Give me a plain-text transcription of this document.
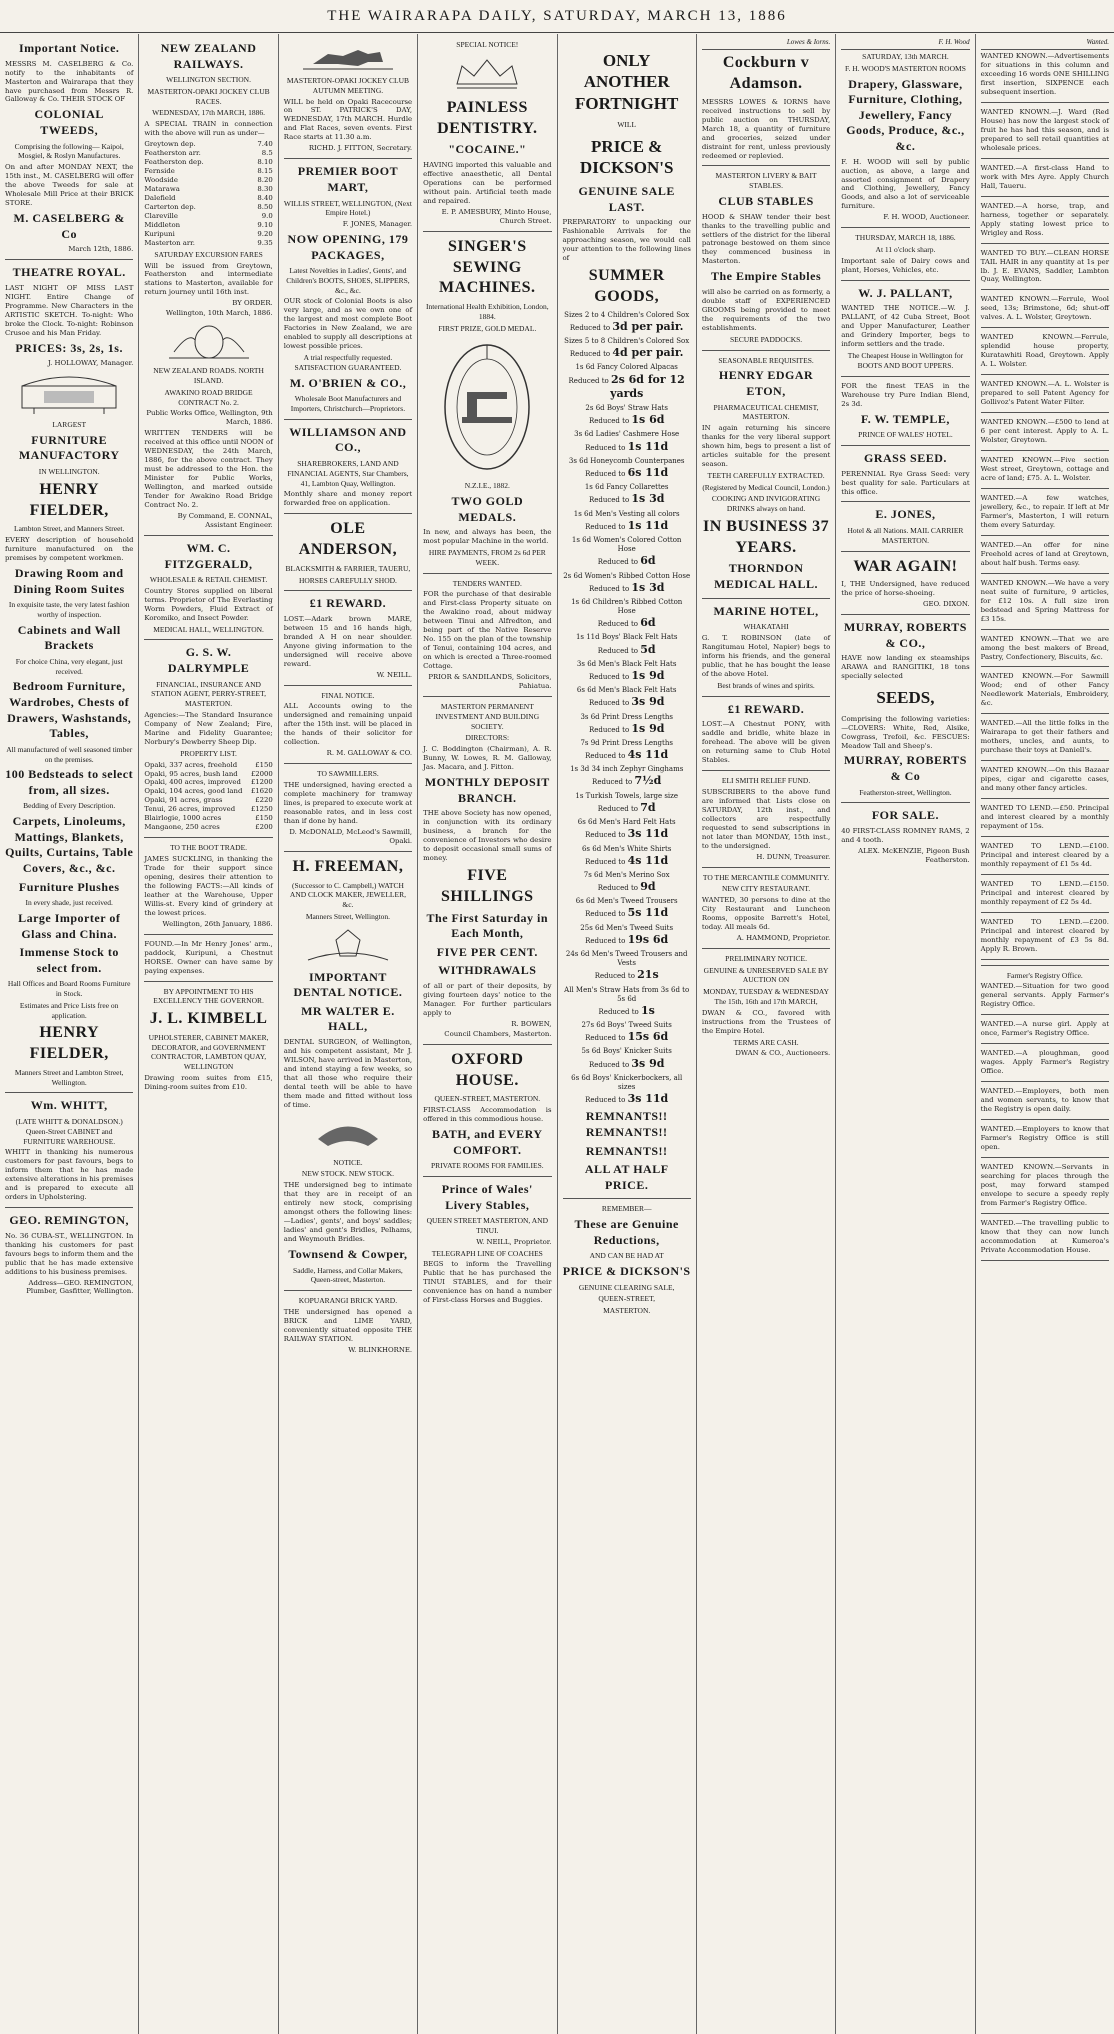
THE WAIRARAPA DAILY, SATURDAY, MARCH 13, 1886
Important Notice.
MESSRS M. CASELBERG & Co. notify to the inhabitants of Masterton and Wairarapa that they have purchased from Messrs R. Galloway & Co. THEIR STOCK OF
COLONIAL TWEEDS,
Comprising the following— Kaipoi, Mosgiel, & Roslyn Manufactures.
On and after MONDAY NEXT, the 15th inst., M. CASELBERG will offer the above Tweeds for sale at Wholesale Mill Price at their BRICK STORE.
M. CASELBERG & Co
March 12th, 1886.
THEATRE ROYAL.
LAST NIGHT OF MISS LAST NIGHT. Entire Change of Programme. New Characters in the ARTISTIC SKETCH. To-night: Who broke the Clock. To-night: Robinson Crusoe and his Man Friday.
PRICES: 3s, 2s, 1s.
J. HOLLOWAY, Manager.
LARGEST
FURNITURE MANUFACTORY
IN WELLINGTON.
HENRY FIELDER,
Lambton Street, and Manners Street.
EVERY description of household furniture manufactured on the premises by competent workmen.
Drawing Room and Dining Room Suites
In exquisite taste, the very latest fashion worthy of inspection.
Cabinets and Wall Brackets
For choice China, very elegant, just received.
Bedroom Furniture, Wardrobes, Chests of Drawers, Washstands, Tables,
All manufactured of well seasoned timber on the premises.
100 Bedsteads to select from, all sizes.
Bedding of Every Description.
Carpets, Linoleums, Mattings, Blankets, Quilts, Curtains, Table Covers, &c., &c.
Furniture Plushes
In every shade, just received.
Large Importer of Glass and China.
Immense Stock to select from.
Hall Offices and Board Rooms Furniture in Stock.
Estimates and Price Lists free on application.
HENRY FIELDER,
Manners Street and Lambton Street, Wellington.
Wm. WHITT,
(LATE WHITT & DONALDSON.) Queen-Street CABINET and FURNITURE WAREHOUSE.
WHITT in thanking his numerous customers for past favours, begs to inform them that he has made extensive alterations in his premises and is prepared to execute all orders in Upholstering.
GEO. REMINGTON,
No. 36 CUBA-ST., WELLINGTON. In thanking his customers for past favours begs to inform them and the public that he has made extensive additions to his business premises.
Address—GEO. REMINGTON, Plumber, Gasfitter, Wellington.
NEW ZEALAND RAILWAYS.
WELLINGTON SECTION.
MASTERTON-OPAKI JOCKEY CLUB RACES.
WEDNESDAY, 17th MARCH, 1886.
A SPECIAL TRAIN in connection with the above will run as under—
Greytown dep.	7.40
Featherston arr.	8.5
Featherston dep.	8.10
Fernside	8.15
Woodside	8.20
Matarawa	8.30
Dalefield	8.40
Carterton dep.	8.50
Clareville	9.0
Middleton	9.10
Kuripuni	9.20
Masterton arr.	9.35
SATURDAY EXCURSION FARES
Will be issued from Greytown, Featherston and intermediate stations to Masterton, available for return journey until 16th inst.
BY ORDER.
Wellington, 10th March, 1886.
NEW ZEALAND ROADS. NORTH ISLAND.
AWAKINO ROAD BRIDGE CONTRACT No. 2.
Public Works Office, Wellington, 9th March, 1886.
WRITTEN TENDERS will be received at this office until NOON of WEDNESDAY, the 24th March, 1886, for the above contract. They must be addressed to the Hon. the Minister for Public Works, Wellington, and marked outside Tender for Awakino Road Bridge Contract No. 2.
By Command, E. CONNAL, Assistant Engineer.
WM. C. FITZGERALD,
WHOLESALE & RETAIL CHEMIST.
Country Stores supplied on liberal terms. Proprietor of The Everlasting Worm Powders, Fluid Extract of Koromiko, and Insect Powder.
MEDICAL HALL, WELLINGTON.
G. S. W. DALRYMPLE
FINANCIAL, INSURANCE AND STATION AGENT, PERRY-STREET, MASTERTON.
Agencies:—The Standard Insurance Company of New Zealand; Fire, Marine and Fidelity Guarantee; Norbury's Dewberry Sheep Dip.
PROPERTY LIST.
Opaki, 337 acres, freehold	£150
Opaki, 95 acres, bush land £2000
Opaki, 400 acres, improved £1200
Opaki, 104 acres, good land £1620
Opaki, 91 acres, grass	£220
Tenui, 26 acres, improved £1250
Blairlogie, 1000 acres	£150
Mangaone, 250 acres	£200
TO THE BOOT TRADE.
JAMES SUCKLING, in thanking the Trade for their support since opening, desires their attention to the following FACTS:—All kinds of leather at the Warehouse, Upper Willis-st. Every kind of grindery at the lowest prices.
Wellington, 26th January, 1886.
FOUND.—In Mr Henry Jones' arm., paddock, Kuripuni, a Chestnut HORSE. Owner can have same by paying expenses.
BY APPOINTMENT TO HIS EXCELLENCY THE GOVERNOR.
J. L. KIMBELL
UPHOLSTERER, CABINET MAKER, DECORATOR, and GOVERNMENT CONTRACTOR, LAMBTON QUAY, WELLINGTON
Drawing room suites from £15, Dining-room suites from £10.
MASTERTON-OPAKI JOCKEY CLUB AUTUMN MEETING.
WILL be held on Opaki Racecourse on ST. PATRICK'S DAY, WEDNESDAY, 17th MARCH. Hurdle and Flat Races, seven events. First Race starts at 11.30 a.m.
RICHD. J. FITTON, Secretary.
PREMIER BOOT MART,
WILLIS STREET, WELLINGTON, (Next Empire Hotel.)
F. JONES, Manager.
NOW OPENING, 179 PACKAGES,
Latest Novelties in Ladies', Gents', and Children's BOOTS, SHOES, SLIPPERS, &c., &c.
OUR stock of Colonial Boots is also very large, and as we own one of the largest and most complete Boot Factories in New Zealand, we are enabled to supply all descriptions at lowest possible prices.
A trial respectfully requested. SATISFACTION GUARANTEED.
M. O'BRIEN & CO.,
Wholesale Boot Manufacturers and Importers, Christchurch—Proprietors.
WILLIAMSON AND CO.,
SHAREBROKERS, LAND AND FINANCIAL AGENTS, Star Chambers, 41, Lambton Quay, Wellington.
Monthly share and money report forwarded free on application.
OLE ANDERSON,
BLACKSMITH & FARRIER, TAUERU,
HORSES CAREFULLY SHOD.
£1 REWARD.
LOST.—Adark brown MARE, between 15 and 16 hands high, branded A H on near shoulder. Anyone giving information to the undersigned will receive above reward.
W. NEILL.
FINAL NOTICE.
ALL Accounts owing to the undersigned and remaining unpaid after the 15th inst. will be placed in the hands of their solicitor for collection.
R. M. GALLOWAY & CO.
TO SAWMILLERS.
THE undersigned, having erected a complete machinery for tramway lines, is prepared to execute work at reasonable rates, and in less cost than if done by hand.
D. McDONALD, McLeod's Sawmill, Opaki.
H. FREEMAN,
(Successor to C. Campbell,) WATCH AND CLOCK MAKER, JEWELLER, &c.
Manners Street, Wellington.
IMPORTANT DENTAL NOTICE.
MR WALTER E. HALL,
DENTAL SURGEON, of Wellington, and his competent assistant, Mr J. WILSON, have arrived in Masterton, and intend staying a few weeks, so that all those who require their dental teeth will be able to have them made and fitted without loss of time.
NOTICE.
NEW STOCK. NEW STOCK.
THE undersigned beg to intimate that they are in receipt of an entirely new stock, comprising amongst others the following lines:—Ladies', gents', and boys' saddles; ladies' and gent's Bridles, Pelhams, and Weymouth Bridles.
Townsend & Cowper,
Saddle, Harness, and Collar Makers, Queen-street, Masterton.
KOPUARANGI BRICK YARD.
THE undersigned has opened a BRICK and LIME YARD, conveniently situated opposite THE RAILWAY STATION.
W. BLINKHORNE.
SPECIAL NOTICE!
PAINLESS DENTISTRY.
"COCAINE."
HAVING imported this valuable and effective anaesthetic, all Dental Operations can be performed without pain. Artificial teeth made and repaired.
E. P. AMESBURY, Minto House, Church Street.
SINGER'S SEWING MACHINES.
International Health Exhibition, London, 1884.
FIRST PRIZE, GOLD MEDAL.
N.Z.I.E., 1882.
TWO GOLD MEDALS.
In new, and always has been, the most popular Machine in the world.
HIRE PAYMENTS, FROM 2s 6d PER WEEK.
TENDERS WANTED.
FOR the purchase of that desirable and First-class Property situate on the Awakino road, about midway between Tinui and Alfredton, and being part of the Native Reserve No. 155 on the plan of the township of Tenui, containing 104 acres, and on which is erected a Three-roomed Cottage.
PRIOR & SANDILANDS, Solicitors, Pahiatua.
MASTERTON PERMANENT INVESTMENT AND BUILDING SOCIETY.
DIRECTORS:
J. C. Boddington (Chairman), A. R. Bunny, W. Lowes, R. M. Galloway, Jas. Macara, and J. Fitton.
MONTHLY DEPOSIT BRANCH.
THE above Society has now opened, in conjunction with its ordinary business, a branch for the convenience of Investors who desire to deposit occasional small sums of money.
FIVE SHILLINGS
The First Saturday in Each Month,
FIVE PER CENT.
WITHDRAWALS
of all or part of their deposits, by giving fourteen days' notice to the Manager. For further particulars apply to
R. BOWEN,
Council Chambers, Masterton.
OXFORD HOUSE.
QUEEN-STREET, MASTERTON.
FIRST-CLASS Accommodation is offered in this commodious house.
BATH, and EVERY COMFORT.
PRIVATE ROOMS FOR FAMILIES.
Prince of Wales' Livery Stables,
QUEEN STREET MASTERTON, AND TINUI.
W. NEILL, Proprietor.
TELEGRAPH LINE OF COACHES
BEGS to inform the Travelling Public that he has purchased the TINUI STABLES, and for their convenience has on hand a number of First-class Horses and Buggies.
ONLY ANOTHER FORTNIGHT
WILL
PRICE & DICKSON'S
GENUINE SALE LAST.
PREPARATORY to unpacking our Fashionable Arrivals for the approaching season, we would call your attention to the following lines of
SUMMER GOODS,
Sizes 2 to 4 Children's Colored Sox
Reduced to 3d per pair.
Sizes 5 to 8 Children's Colored Sox
Reduced to 4d per pair.
1s 6d Fancy Colored Alpacas
Reduced to 2s 6d for 12 yards
2s 6d Boys' Straw Hats
Reduced to 1s 6d
3s 6d Ladies' Cashmere Hose
Reduced to 1s 11d
3s 6d Honeycomb Counterpanes
Reduced to 6s 11d
1s 6d Fancy Collarettes
Reduced to 1s 3d
1s 6d Men's Vesting all colors
Reduced to 1s 11d
1s 6d Women's Colored Cotton Hose
Reduced to 6d
2s 6d Women's Ribbed Cotton Hose
Reduced to 1s 3d
1s 6d Children's Ribbed Cotton Hose
Reduced to 6d
1s 11d Boys' Black Felt Hats
Reduced to 5d
3s 6d Men's Black Felt Hats
Reduced to 1s 9d
6s 6d Men's Black Felt Hats
Reduced to 3s 9d
3s 6d Print Dress Lengths
Reduced to 1s 9d
7s 9d Print Dress Lengths
Reduced to 4s 11d
1s 3d 34 inch Zephyr Ginghams
Reduced to 7½d
1s Turkish Towels, large size
Reduced to 7d
6s 6d Men's Hard Felt Hats
Reduced to 3s 11d
6s 6d Men's White Shirts
Reduced to 4s 11d
7s 6d Men's Merino Sox
Reduced to 9d
6s 6d Men's Tweed Trousers
Reduced to 5s 11d
25s 6d Men's Tweed Suits
Reduced to 19s 6d
24s 6d Men's Tweed Trousers and Vests
Reduced to 21s
All Men's Straw Hats from 3s 6d to 5s 6d
Reduced to 1s
27s 6d Boys' Tweed Suits
Reduced to 15s 6d
5s 6d Boys' Knicker Suits
Reduced to 3s 9d
6s 6d Boys' Knickerbockers, all sizes
Reduced to 3s 11d
REMNANTS!! REMNANTS!!
REMNANTS!!
ALL AT HALF PRICE.
REMEMBER—
These are Genuine Reductions,
AND CAN BE HAD AT
PRICE & DICKSON'S
GENUINE CLEARING SALE,
QUEEN-STREET,
MASTERTON.
Lowes & Iorns.
Cockburn v Adamson.
MESSRS LOWES & IORNS have received instructions to sell by public auction on THURSDAY, March 18, a quantity of furniture and groceries, seized under distraint for rent, unless previously redeemed or replevied.
MASTERTON LIVERY & BAIT STABLES.
CLUB STABLES
HOOD & SHAW tender their best thanks to the travelling public and settlers of the district for the liberal patronage bestowed on them since they commenced business in Masterton.
The Empire Stables
will also be carried on as formerly, a double staff of EXPERIENCED GROOMS being provided to meet the requirements of the two establishments.
SECURE PADDOCKS.
SEASONABLE REQUISITES.
HENRY EDGAR ETON,
PHARMACEUTICAL CHEMIST, MASTERTON.
IN again returning his sincere thanks for the very liberal support shown him, begs to present a list of articles suitable for the present season.
TEETH CAREFULLY EXTRACTED.
(Registered by Medical Council, London.)
COOKING AND INVIGORATING DRINKS always on hand.
IN BUSINESS 37 YEARS.
THORNDON MEDICAL HALL.
MARINE HOTEL,
WHAKATAHI
G. T. ROBINSON (late of Rangitumau Hotel, Napier) begs to inform his friends, and the general public, that he has bought the lease of the above Hotel.
Best brands of wines and spirits.
£1 REWARD.
LOST.—A Chestnut PONY, with saddle and bridle, white blaze in forehead. The above will be given on returning same to Club Hotel Stables.
ELI SMITH RELIEF FUND.
SUBSCRIBERS to the above fund are informed that Lists close on SATURDAY, 12th inst., and collectors are respectfully requested to send subscriptions in not later than MONDAY, 15th inst., to the undersigned.
H. DUNN, Treasurer.
TO THE MERCANTILE COMMUNITY.
NEW CITY RESTAURANT.
WANTED, 30 persons to dine at the City Restaurant and Luncheon Rooms, opposite Barrett's Hotel, today. All meals 6d.
A. HAMMOND, Proprietor.
PRELIMINARY NOTICE.
GENUINE & UNRESERVED SALE BY AUCTION ON
MONDAY, TUESDAY & WEDNESDAY The 15th, 16th and 17th MARCH,
DWAN & CO., favored with instructions from the Trustees of the Empire Hotel.
TERMS ARE CASH.
DWAN & CO., Auctioneers.
F. H. Wood
SATURDAY, 13th MARCH.
F. H. WOOD'S MASTERTON ROOMS
Drapery, Glassware, Furniture, Clothing, Jewellery, Fancy Goods, Produce, &c., &c.
F. H. WOOD will sell by public auction, as above, a large and assorted consignment of Drapery and Clothing, Jewellery, Fancy Goods, and also a lot of serviceable furniture.
F. H. WOOD, Auctioneer.
THURSDAY, MARCH 18, 1886.
At 11 o'clock sharp.
Important sale of Dairy cows and plant, Horses, Vehicles, etc.
W. J. PALLANT,
WANTED THE NOTICE.—W. J. PALLANT, of 42 Cuba Street, Boot and Upper Manufacturer, Leather and Grindery Importer, begs to inform settlers and the trade.
The Cheapest House in Wellington for BOOTS AND BOOT UPPERS.
FOR the finest TEAS in the Warehouse try Pure Indian Blend, 2s 3d.
F. W. TEMPLE,
PRINCE OF WALES' HOTEL.
GRASS SEED.
PERENNIAL Rye Grass Seed: very best quality for sale. Particulars at this office.
E. JONES,
Hotel & all Nations. MAIL CARRIER MASTERTON.
WAR AGAIN!
I, THE Undersigned, have reduced the price of horse-shoeing.
GEO. DIXON.
MURRAY, ROBERTS & CO.,
HAVE now landing ex steamships ARAWA and RANGITIKI, 18 tons specially selected
SEEDS,
Comprising the following varieties:—CLOVERS: White, Red, Alsike, Cowgrass, Trefoil, &c. FESCUES: Meadow Tall and Sheep's.
MURRAY, ROBERTS & Co
Featherston-street, Wellington.
FOR SALE.
40 FIRST-CLASS ROMNEY RAMS, 2 and 4 tooth.
ALEX. McKENZIE, Pigeon Bush Featherston.
Wanted.
WANTED KNOWN.—Advertisements for situations in this column and exceeding 16 words ONE SHILLING first insertion, SIXPENCE each subsequent insertion.
WANTED KNOWN.—J. Ward (Red House) has now the largest stock of fruit he has had this season, and is prepared to sell retail quantities at wholesale prices.
WANTED.—A first-class Hand to work with Mrs Ayre. Apply Church Hall, Taueru.
WANTED.—A horse, trap, and harness, together or separately. Apply stating lowest price to Wrigley and Ross.
WANTED TO BUY.—CLEAN HORSE TAIL HAIR in any quantity at 1s per lb. J. E. EVANS, Saddler, Lambton Quay, Wellington.
WANTED KNOWN.—Ferrule, Wool seed, 13s; Brimstone, 6d; shut-off valves. A. L. Wolster, Greytown.
WANTED KNOWN.—Ferrule, splendid house property, Kuratawhiti Road, Greytown. Apply A. L. Wolster.
WANTED KNOWN.—A. L. Wolster is prepared to sell Patent Agency for Gollivoz's Patent Water Filter.
WANTED KNOWN.—£500 to lend at 6 per cent interest. Apply to A. L. Wolster, Greytown.
WANTED KNOWN.—Five section West street, Greytown, cottage and acre of land; £75. A. L. Wolster.
WANTED.—A few watches, jewellery, &c., to repair. If left at Mr Farmer's, Masterton, I will return them every Saturday.
WANTED.—An offer for nine Freehold acres of land at Greytown, about half bush. Terms easy.
WANTED KNOWN.—We have a very neat suite of furniture, 9 articles, for £12 10s. A full size iron bedstead and Spring Mattress for £3 15s.
WANTED KNOWN.—That we are among the best makers of Bread, Pastry, Confectionery, Biscuits, &c.
WANTED KNOWN.—For Sawmill Wood; end of other Fancy Needlework Materials, Embroidery, &c.
WANTED.—All the little folks in the Wairarapa to get their fathers and mothers, uncles, and aunts, to purchase their toys at Daniell's.
WANTED KNOWN.—On this Bazaar pipes, cigar and cigarette cases, and many other fancy articles.
WANTED TO LEND.—£50. Principal and interest cleared by a monthly repayment of 15s.
WANTED TO LEND.—£100. Principal and interest cleared by a monthly repayment of £1 5s 4d.
WANTED TO LEND.—£150. Principal and interest cleared by monthly repayment of £2 5s 4d.
WANTED TO LEND.—£200. Principal and interest cleared by monthly repayment of £3 5s 8d. Apply R. Brown.
Farmer's Registry Office.
WANTED.—Situation for two good general servants. Apply Farmer's Registry Office.
WANTED.—A nurse girl. Apply at once, Farmer's Registry Office.
WANTED.—A ploughman, good wages. Apply Farmer's Registry Office.
WANTED.—Employers, both men and women servants, to know that the Registry is open daily.
WANTED.—Employers to know that Farmer's Registry Office is still open.
WANTED KNOWN.—Servants in searching for places through the post, may forward stamped envelope to secure a speedy reply from Farmer's Registry Office.
WANTED.—The travelling public to know that they can now lunch accommodation at Kumeroa's Private Accommodation House.
